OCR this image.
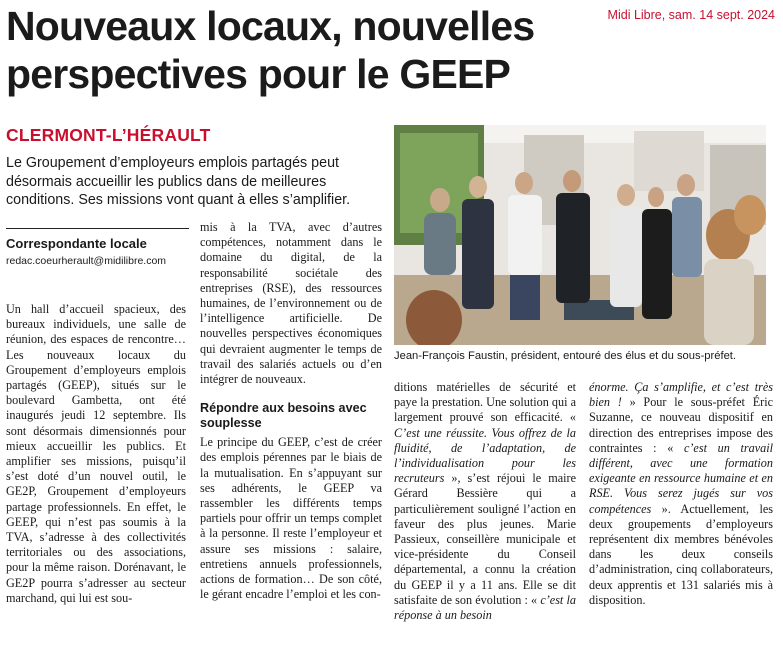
Nouveaux locaux, nouvelles perspectives pour le GEEP
Midi Libre, sam. 14 sept. 2024
CLERMONT-L’HÉRAULT

Le Groupement d’employeurs emplois partagés peut désormais accueillir les publics dans de meilleures conditions. Ses missions vont quant à elles s’amplifier.

Correspondante locale
redac.coeurherault@midilibre.com

Un hall d’accueil spacieux, des bureaux individuels, une salle de réunion, des espaces de rencontre… Les nouveaux locaux du Groupement d’employeurs emplois partagés (GEEP), situés sur le boulevard Gambetta, ont été inaugurés jeudi 12 septembre. Ils sont désormais dimensionnés pour mieux accueillir les publics. Et amplifier ses missions, puisqu’il s’est doté d’un nouvel outil, le GE2P, Groupement d’employeurs partage professionnels. En effet, le GEEP, qui n’est pas soumis à la TVA, s’adresse à des collectivités territoriales ou des associations, pour la même raison. Dorénavant, le GE2P pourra s’adresser au secteur marchand, qui lui est sou-

mis à la TVA, avec d’autres compétences, notamment dans le domaine du digital, de la responsabilité sociétale des entreprises (RSE), des ressources humaines, de l’environnement ou de l’intelligence artificielle. De nouvelles perspectives économiques qui devraient augmenter le temps de travail des salariés actuels ou d’en intégrer de nouveaux.

Répondre aux besoins avec souplesse

Le principe du GEEP, c’est de créer des emplois pérennes par le biais de la mutualisation. En s’appuyant sur ses adhérents, le GEEP va rassembler les différents temps partiels pour offrir un temps complet à la personne. Il reste l’employeur et assure ses missions : salaire, entretiens annuels professionnels, actions de formation… De son côté, le gérant encadre l’emploi et les con-

Jean-François Faustin, président, entouré des élus et du sous-préfet.

ditions matérielles de sécurité et paye la prestation. Une solution qui a largement prouvé son efficacité. « C’est une réussite. Vous offrez de la fluidité, de l’adaptation, de l’individualisation pour les recruteurs », s’est réjoui le maire Gérard Bessière qui a particulièrement souligné l’action en faveur des plus jeunes. Marie Passieux, conseillère municipale et vice-présidente du Conseil départemental, a connu la création du GEEP il y a 11 ans. Elle se dit satisfaite de son évolution : « c’est la réponse à un besoin

énorme. Ça s’amplifie, et c’est très bien ! » Pour le sous-préfet Éric Suzanne, ce nouveau dispositif en direction des entreprises impose des contraintes : « c’est un travail différent, avec une formation exigeante en ressource humaine et en RSE. Vous serez jugés sur vos compétences ». Actuellement, les deux groupements d’employeurs représentent dix membres bénévoles dans les deux conseils d’administration, cinq collaborateurs, deux apprentis et 131 salariés mis à disposition.
